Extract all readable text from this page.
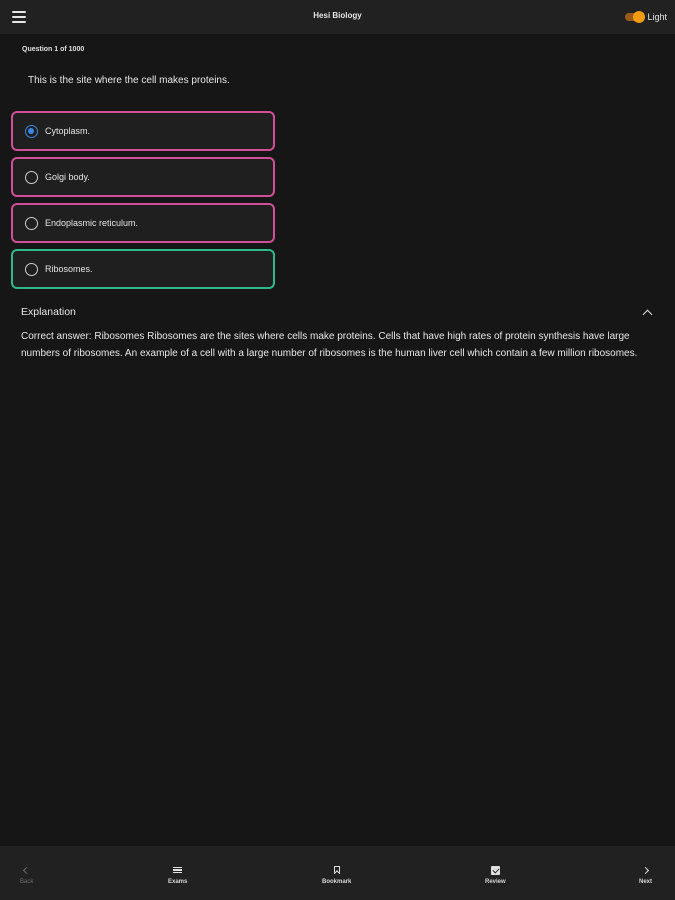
Hesi Biology	Light
Question 1 of 1000
This is the site where the cell makes proteins.
Cytoplasm.
Golgi body.
Endoplasmic reticulum.
Ribosomes.
Explanation
Correct answer: Ribosomes Ribosomes are the sites where cells make proteins. Cells that have high rates of protein synthesis have large numbers of ribosomes. An example of a cell with a large number of ribosomes is the human liver cell which contain a few million ribosomes.
Back	Exams	Bookmark	Review	Next
